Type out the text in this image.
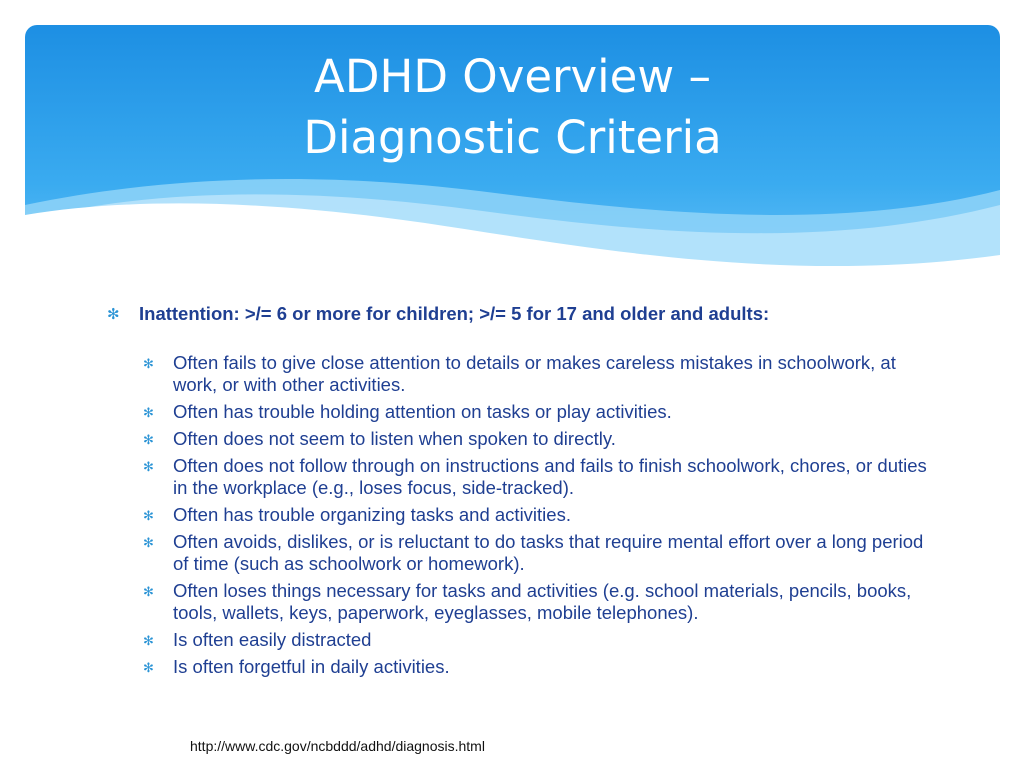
ADHD Overview –
Diagnostic Criteria
✻ Inattention: >/= 6 or more for children; >/= 5 for 17 and older and adults:
✻ Often fails to give close attention to details or makes careless mistakes in schoolwork, at work, or with other activities.
✻ Often has trouble holding attention on tasks or play activities.
✻ Often does not seem to listen when spoken to directly.
✻ Often does not follow through on instructions and fails to finish schoolwork, chores, or duties in the workplace (e.g., loses focus, side-tracked).
✻ Often has trouble organizing tasks and activities.
✻ Often avoids, dislikes, or is reluctant to do tasks that require mental effort over a long period of time (such as schoolwork or homework).
✻ Often loses things necessary for tasks and activities (e.g. school materials, pencils, books, tools, wallets, keys, paperwork, eyeglasses, mobile telephones).
✻ Is often easily distracted
✻ Is often forgetful in daily activities.
http://www.cdc.gov/ncbddd/adhd/diagnosis.html
